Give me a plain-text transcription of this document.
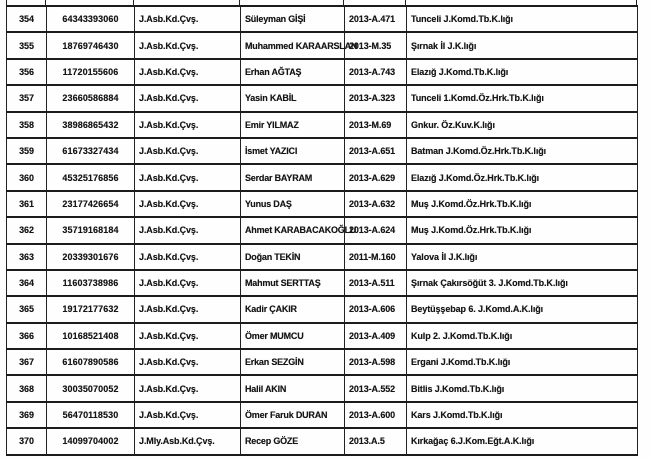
354	64343393060	J.Asb.Kd.Çvş.	Süleyman GİŞİ	2013-A.471	Tunceli J.Komd.Tb.K.lığı
355	18769746430	J.Asb.Kd.Çvş.	Muhammed KARAARSLAN	2013-M.35	Şırnak İl J.K.lığı
356	11720155606	J.Asb.Kd.Çvş.	Erhan AĞTAŞ	2013-A.743	Elazığ J.Komd.Tb.K.lığı
357	23660586884	J.Asb.Kd.Çvş.	Yasin KABİL	2013-A.323	Tunceli 1.Komd.Öz.Hrk.Tb.K.lığı
358	38986865432	J.Asb.Kd.Çvş.	Emir YILMAZ	2013-M.69	Gnkur. Öz.Kuv.K.lığı
359	61673327434	J.Asb.Kd.Çvş.	İsmet YAZICI	2013-A.651	Batman J.Komd.Öz.Hrk.Tb.K.lığı
360	45325176856	J.Asb.Kd.Çvş.	Serdar BAYRAM	2013-A.629	Elazığ J.Komd.Öz.Hrk.Tb.K.lığı
361	23177426654	J.Asb.Kd.Çvş.	Yunus DAŞ	2013-A.632	Muş J.Komd.Öz.Hrk.Tb.K.lığı
362	35719168184	J.Asb.Kd.Çvş.	Ahmet KARABACAKOĞLU	2013-A.624	Muş J.Komd.Öz.Hrk.Tb.K.lığı
363	20339301676	J.Asb.Kd.Çvş.	Doğan TEKİN	2011-M.160	Yalova İl J.K.lığı
364	11603738986	J.Asb.Kd.Çvş.	Mahmut SERTTAŞ	2013-A.511	Şırnak Çakırsöğüt 3. J.Komd.Tb.K.lığı
365	19172177632	J.Asb.Kd.Çvş.	Kadir ÇAKIR	2013-A.606	Beytüşşebap 6. J.Komd.A.K.lığı
366	10168521408	J.Asb.Kd.Çvş.	Ömer MUMCU	2013-A.409	Kulp 2. J.Komd.Tb.K.lığı
367	61607890586	J.Asb.Kd.Çvş.	Erkan SEZGİN	2013-A.598	Ergani J.Komd.Tb.K.lığı
368	30035070052	J.Asb.Kd.Çvş.	Halil AKIN	2013-A.552	Bitlis J.Komd.Tb.K.lığı
369	56470118530	J.Asb.Kd.Çvş.	Ömer Faruk DURAN	2013-A.600	Kars J.Komd.Tb.K.lığı
370	14099704002	J.Mly.Asb.Kd.Çvş.	Recep GÖZE	2013.A.5	Kırkağaç 6.J.Kom.Eğt.A.K.lığı
